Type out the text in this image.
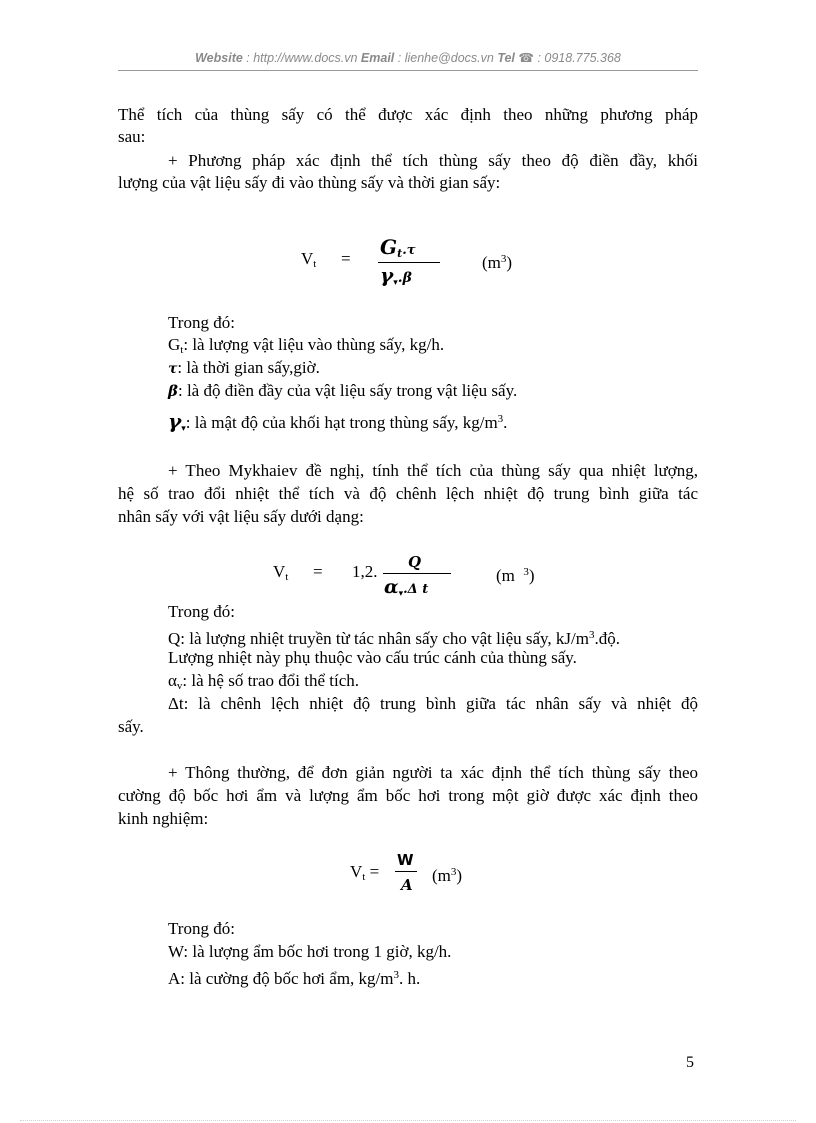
Website : http://www.docs.vn Email : lienhe@docs.vn Tel ☎ : 0918.775.368
Thể tích của thùng sấy có thể được xác định theo những phương pháp
sau:
+ Phương pháp xác định thể tích thùng sấy theo độ điền đầy, khối
lượng của vật liệu sấy đi vào thùng sấy và thời gian sấy:
$V_t = G_t.\tau$
$\gamma_▾.\beta$
$(m^3)$
Trong đó:
$G_t$: là lượng vật liệu vào thùng sấy, kg/h.
τ: là thời gian sấy,giờ.
β: là độ điền đầy của vật liệu sấy trong vật liệu sấy.
$\gamma_▾$: là mật độ của khối hạt trong thùng sấy, $kg/m^3$.
+ Theo Mykhaiev đề nghị, tính thể tích của thùng sấy qua nhiệt lượng,
hệ số trao đổi nhiệt thể tích và độ chênh lệch nhiệt độ trung bình giữa tác
nhân sấy với vật liệu sấy dưới dạng:
$V_t = 1,2$. Q
$\alpha_▾.\Delta$ t
(m $^3$)
Trong đó:
Q: là lượng nhiệt truyền từ tác nhân sấy cho vật liệu sấy, $kJ/m^3.độ$.
Lượng nhiệt này phụ thuộc vào cấu trúc cánh của thùng sấy.
$\alpha_v$: là hệ số trao đổi thể tích.
Δt: là chênh lệch nhiệt độ trung bình giữa tác nhân sấy và nhiệt độ
sấy.
+ Thông thường, để đơn giản người ta xác định thể tích thùng sấy theo
cường độ bốc hơi ẩm và lượng ẩm bốc hơi trong một giờ được xác định theo
kinh nghiệm:
$V_t$ =
W
A $(m^3)$
Trong đó:
W: là lượng ẩm bốc hơi trong 1 giờ, kg/h.
A: là cường độ bốc hơi ẩm, $kg/m^3$. h.
5
